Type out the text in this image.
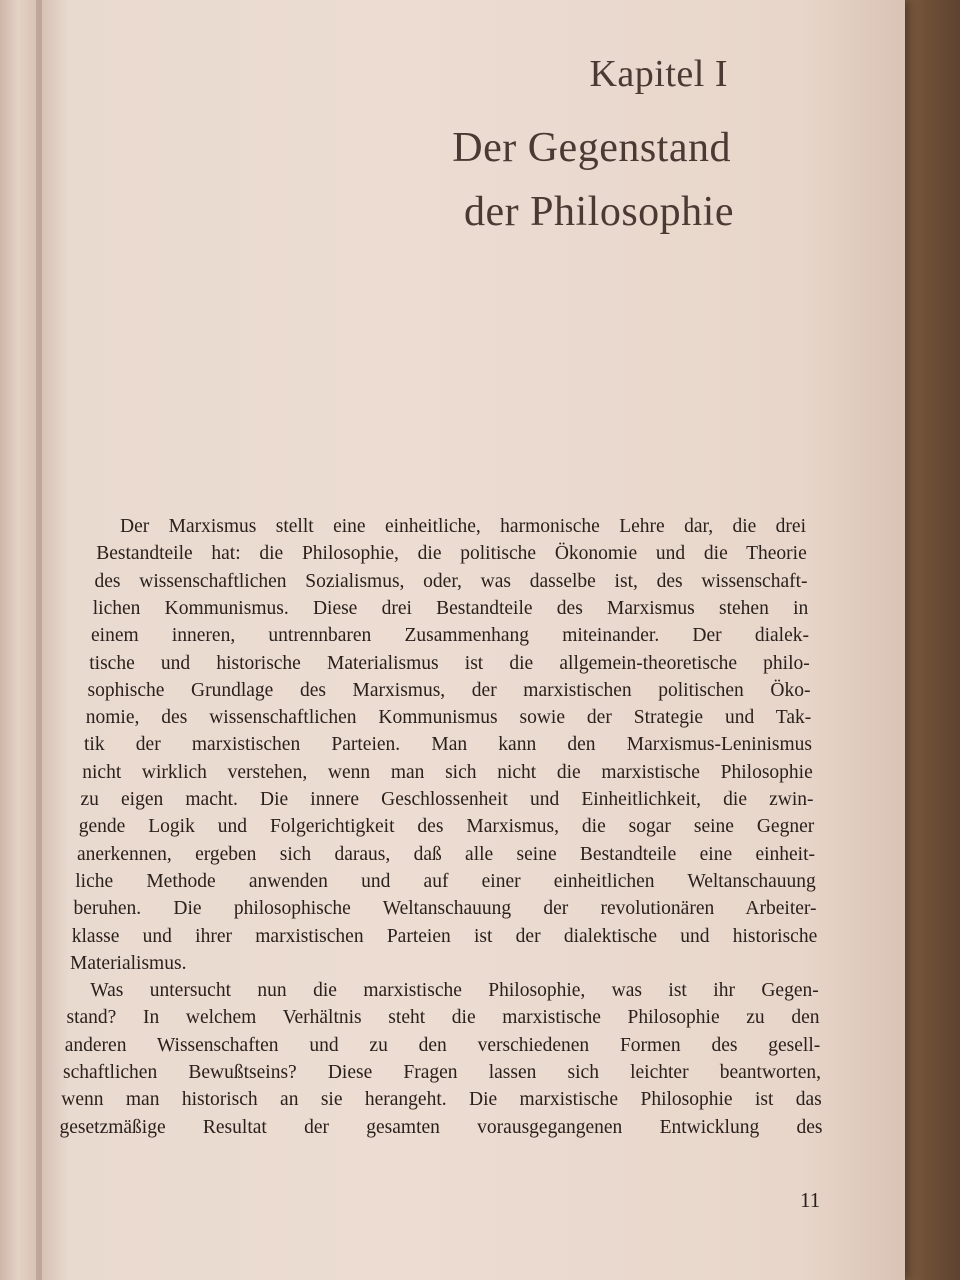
Kapitel I
Der Gegenstand
der Philosophie
Der Marxismus stellt eine einheitliche, harmonische Lehre dar, die drei
Bestandteile hat: die Philosophie, die politische Ökonomie und die Theorie
des wissenschaftlichen Sozialismus, oder, was dasselbe ist, des wissenschaft-
lichen Kommunismus. Diese drei Bestandteile des Marxismus stehen in
einem inneren, untrennbaren Zusammenhang miteinander. Der dialek-
tische und historische Materialismus ist die allgemein-theoretische philo-
sophische Grundlage des Marxismus, der marxistischen politischen Öko-
nomie, des wissenschaftlichen Kommunismus sowie der Strategie und Tak-
tik der marxistischen Parteien. Man kann den Marxismus-Leninismus
nicht wirklich verstehen, wenn man sich nicht die marxistische Philosophie
zu eigen macht. Die innere Geschlossenheit und Einheitlichkeit, die zwin-
gende Logik und Folgerichtigkeit des Marxismus, die sogar seine Gegner
anerkennen, ergeben sich daraus, daß alle seine Bestandteile eine einheit-
liche Methode anwenden und auf einer einheitlichen Weltanschauung
beruhen. Die philosophische Weltanschauung der revolutionären Arbeiter-
klasse und ihrer marxistischen Parteien ist der dialektische und historische
Materialismus.
Was untersucht nun die marxistische Philosophie, was ist ihr Gegen-
stand? In welchem Verhältnis steht die marxistische Philosophie zu den
anderen Wissenschaften und zu den verschiedenen Formen des gesell-
schaftlichen Bewußtseins? Diese Fragen lassen sich leichter beantworten,
wenn man historisch an sie herangeht. Die marxistische Philosophie ist das
gesetzmäßige Resultat der gesamten vorausgegangenen Entwicklung des
11
